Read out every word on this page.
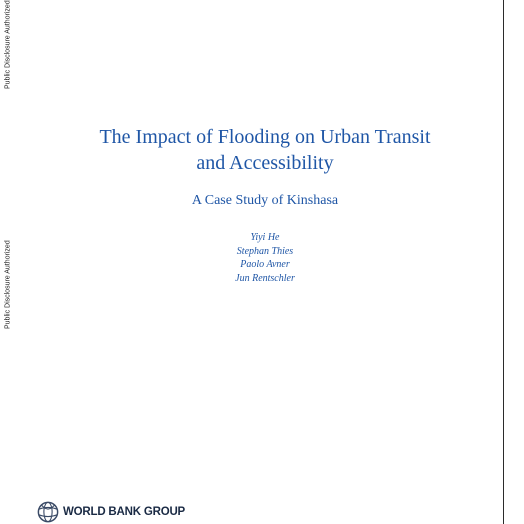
Public Disclosure Authorized
Public Disclosure Authorized
The Impact of Flooding on Urban Transit
and Accessibility
A Case Study of Kinshasa
Yiyi He
Stephan Thies
Paolo Avner
Jun Rentschler
WORLD BANK GROUP
